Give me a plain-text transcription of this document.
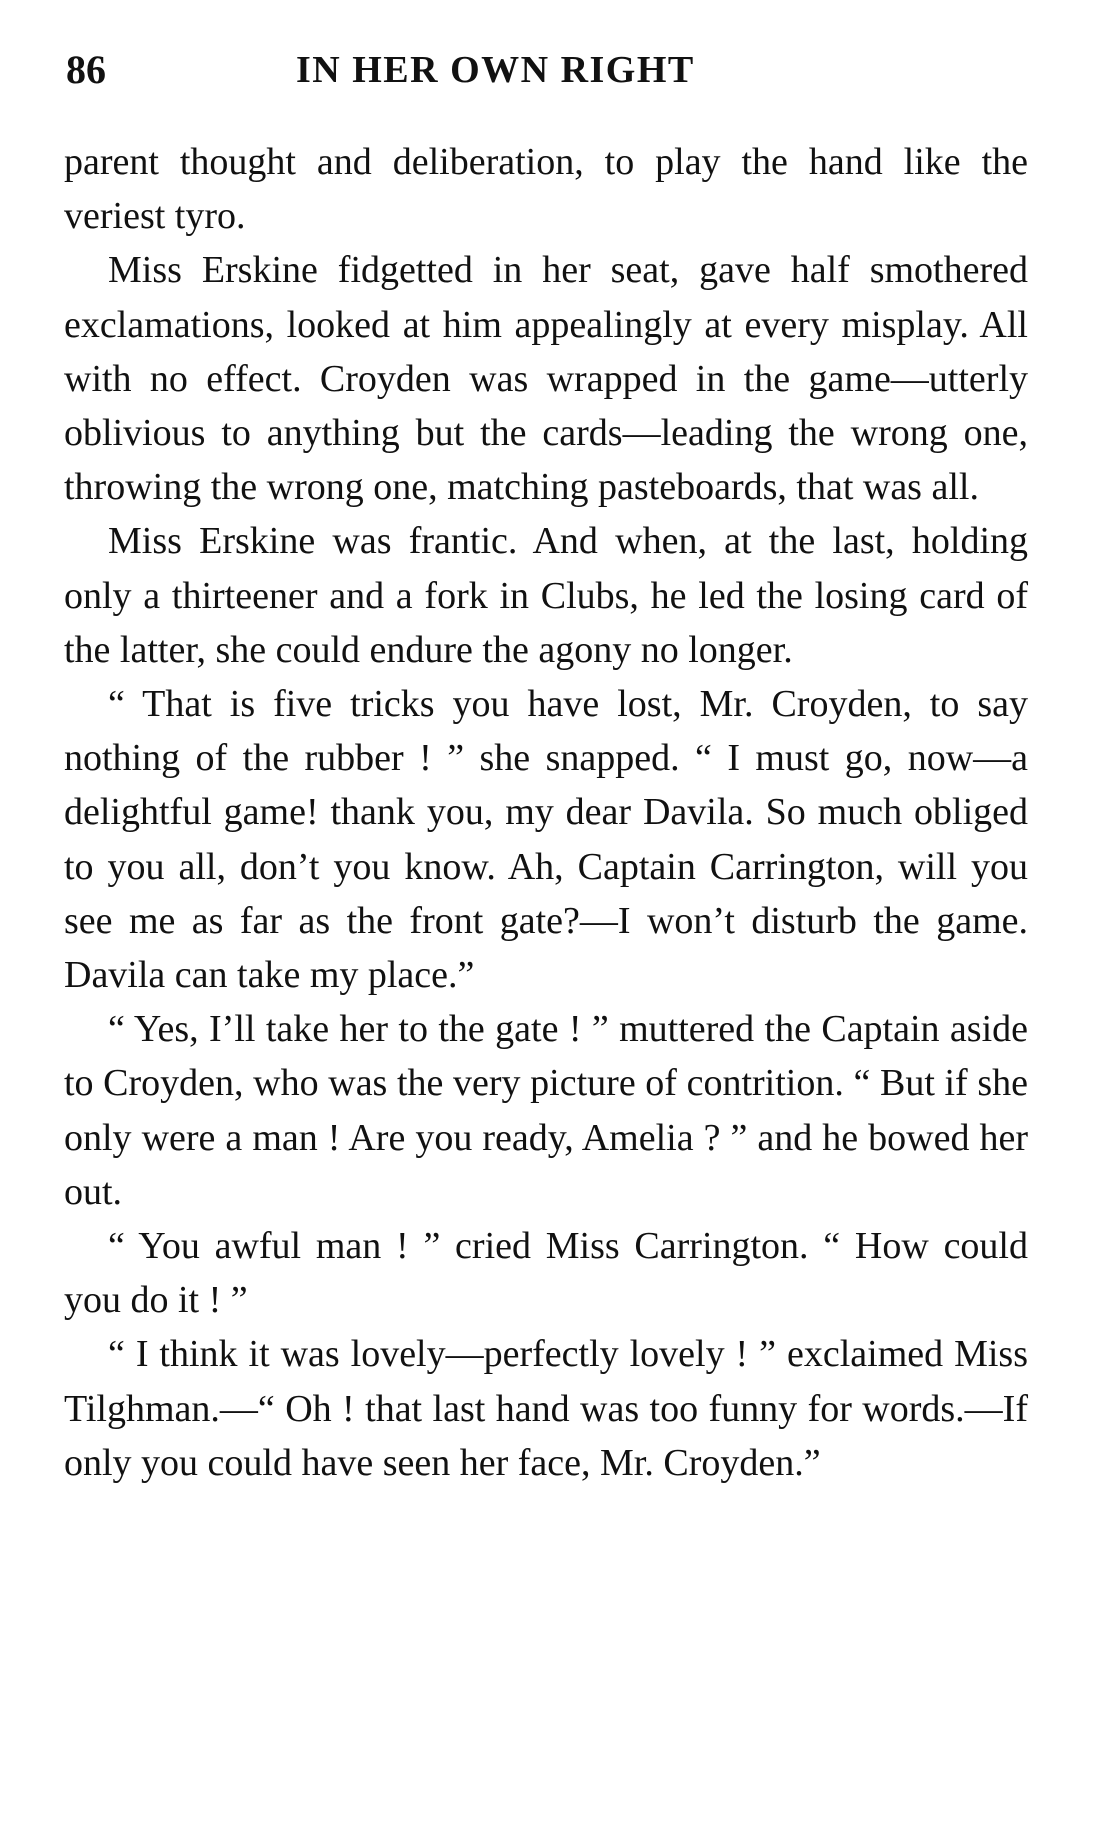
86	IN HER OWN RIGHT

parent thought and deliberation, to play the hand like the veriest tyro.

Miss Erskine fidgetted in her seat, gave half smothered exclamations, looked at him appealingly at every misplay. All with no effect. Croyden was wrapped in the game—utterly oblivious to anything but the cards—leading the wrong one, throwing the wrong one, matching pasteboards, that was all.

Miss Erskine was frantic. And when, at the last, holding only a thirteener and a fork in Clubs, he led the losing card of the latter, she could endure the agony no longer.

“ That is five tricks you have lost, Mr. Croyden, to say nothing of the rubber ! ” she snapped. “ I must go, now—a delightful game! thank you, my dear Davila. So much obliged to you all, don’t you know. Ah, Captain Carrington, will you see me as far as the front gate?—I won’t disturb the game. Davila can take my place.”

“ Yes, I’ll take her to the gate ! ” muttered the Captain aside to Croyden, who was the very picture of contrition. “ But if she only were a man ! Are you ready, Amelia ? ” and he bowed her out.

“ You awful man ! ” cried Miss Carrington. “ How could you do it ! ”

“ I think it was lovely—perfectly lovely ! ” exclaimed Miss Tilghman.—“ Oh ! that last hand was too funny for words.—If only you could have seen her face, Mr. Croyden.”
